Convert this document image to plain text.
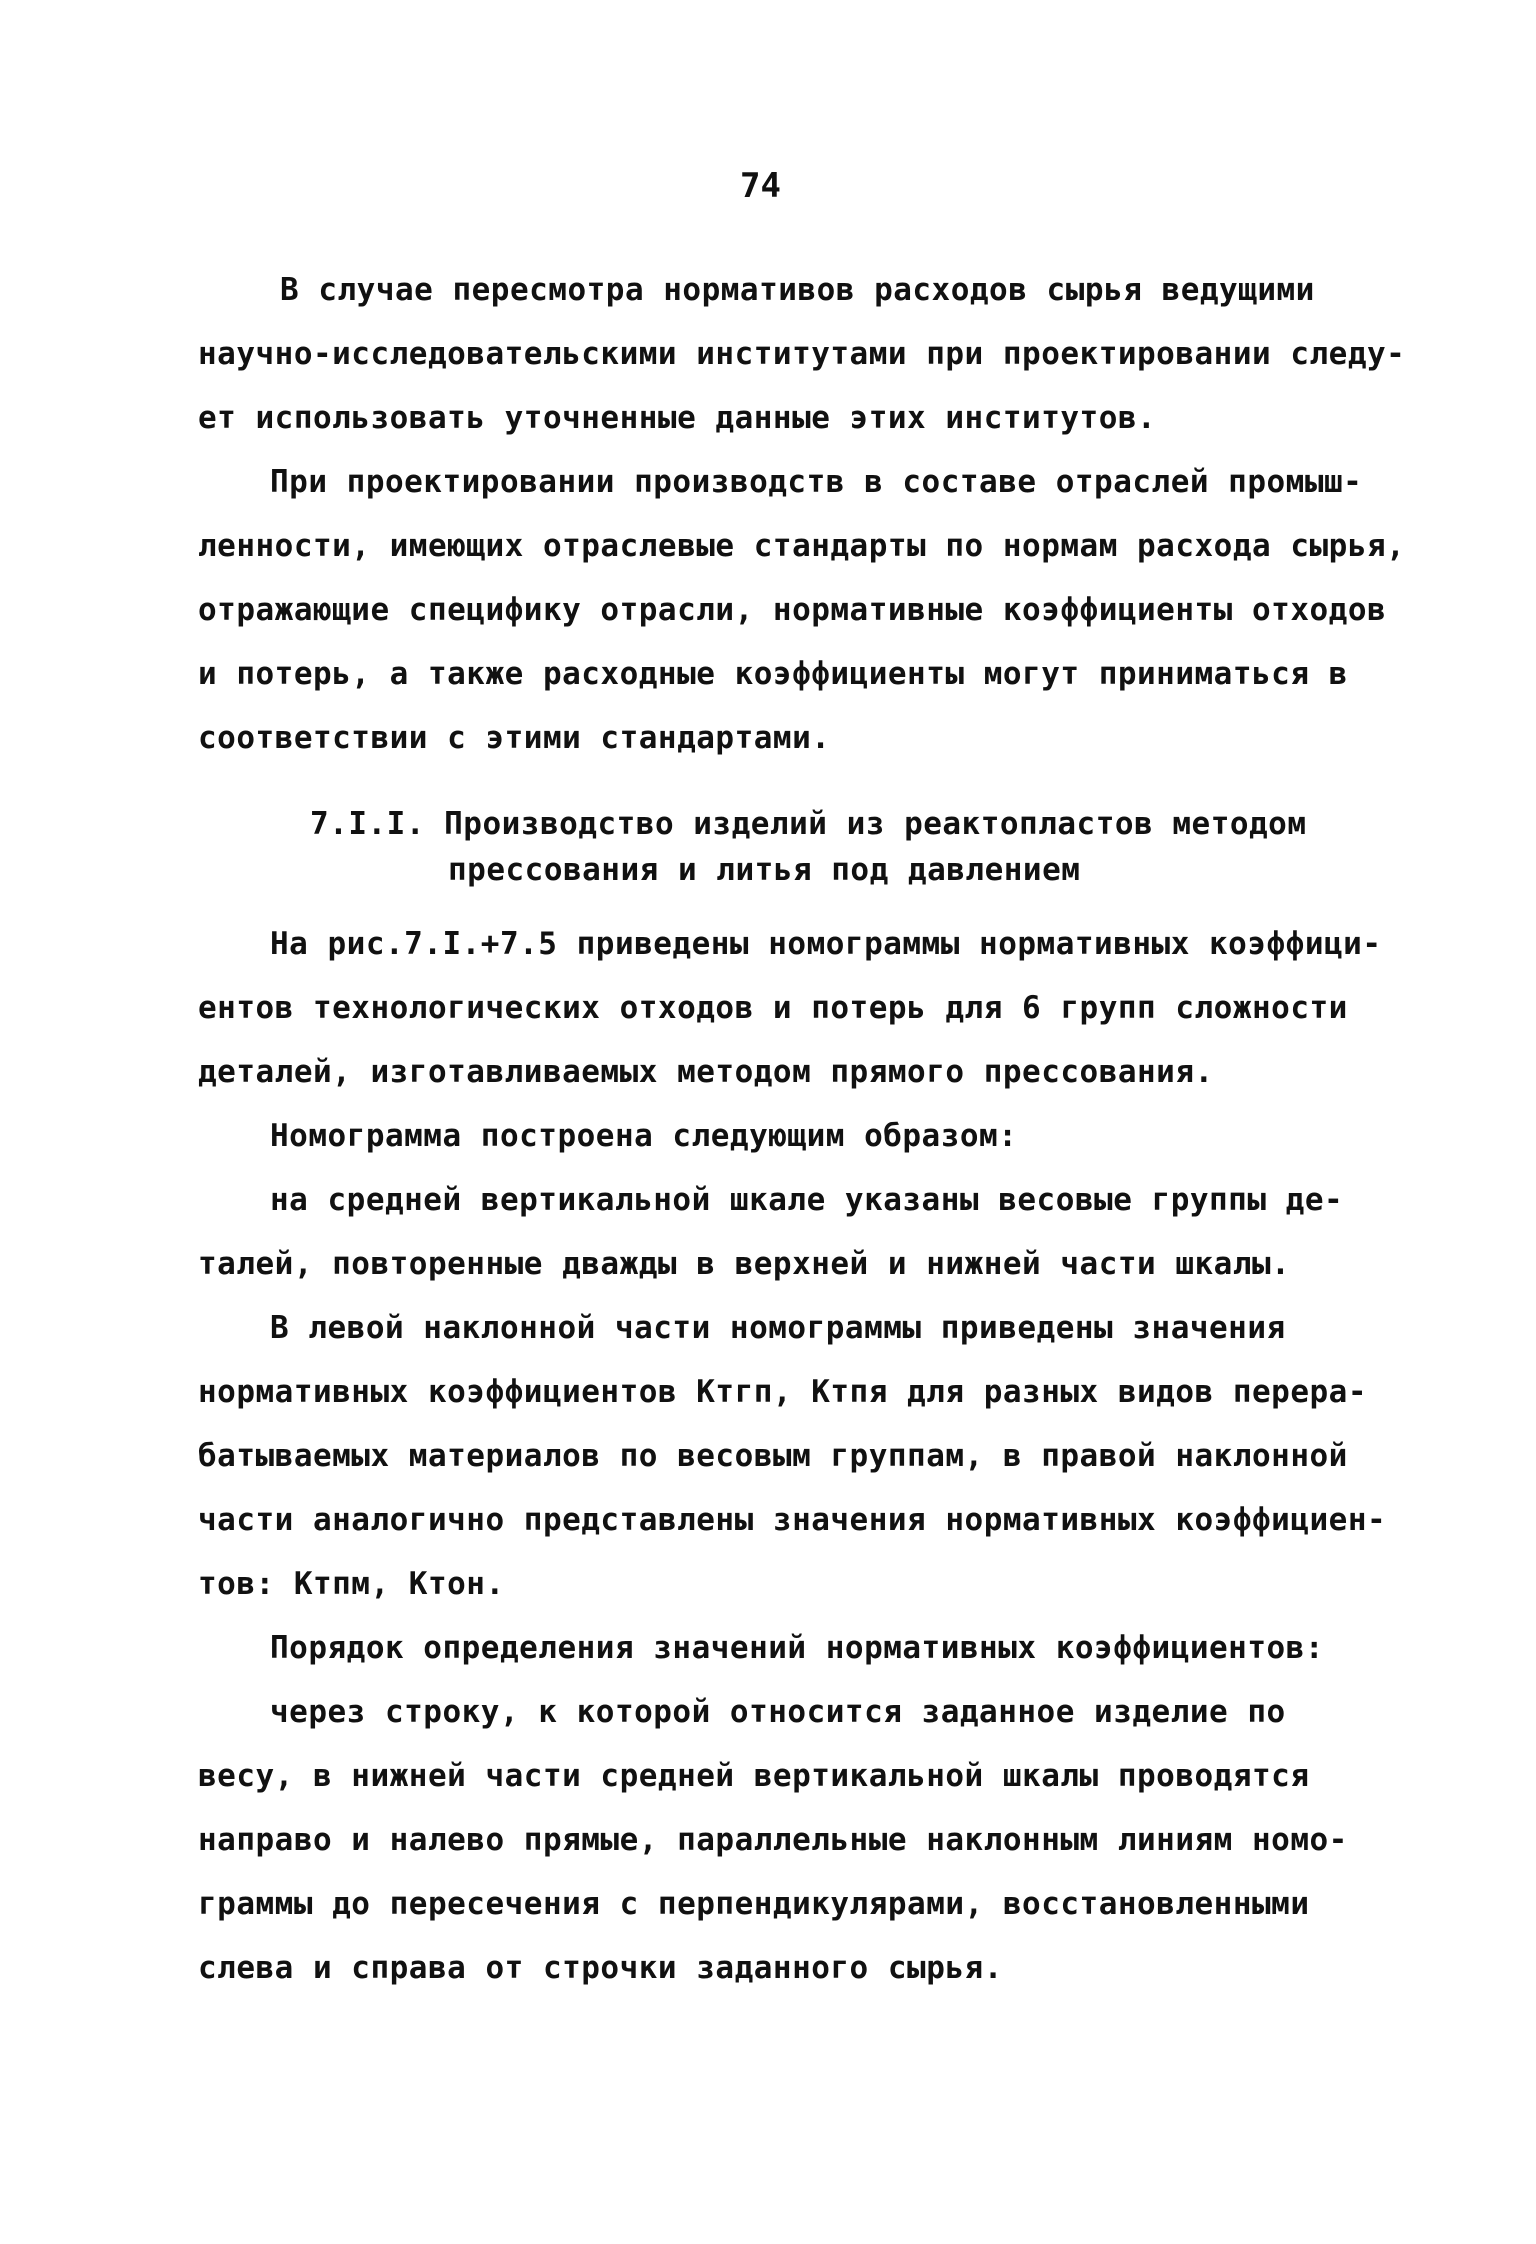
74
В случае пересмотра нормативов расходов сырья ведущими
научно-исследовательскими институтами при проектировании следу-
ет использовать уточненные данные этих институтов.
При проектировании производств в составе отраслей промыш-
ленности, имеющих отраслевые стандарты по нормам расхода сырья,
отражающие специфику отрасли, нормативные коэффициенты отходов
и потерь, а также расходные коэффициенты могут приниматься в
соответствии с этими стандартами.
7.I.I. Производство изделий из реактопластов методом
прессования и литья под давлением
На рис.7.I.+7.5 приведены номограммы нормативных коэффици-
ентов технологических отходов и потерь для 6 групп сложности
деталей, изготавливаемых методом прямого прессования.
Номограмма построена следующим образом:
на средней вертикальной шкале указаны весовые группы де-
талей, повторенные дважды в верхней и нижней части шкалы.
В левой наклонной части номограммы приведены значения
нормативных коэффициентов Ктгп, Ктпя для разных видов перера-
батываемых материалов по весовым группам, в правой наклонной
части аналогично представлены значения нормативных коэффициен-
тов: Ктпм, Ктон.
Порядок определения значений нормативных коэффициентов:
через строку, к которой относится заданное изделие по
весу, в нижней части средней вертикальной шкалы проводятся
направо и налево прямые, параллельные наклонным линиям номо-
граммы до пересечения с перпендикулярами, восстановленными
слева и справа от строчки заданного сырья.
